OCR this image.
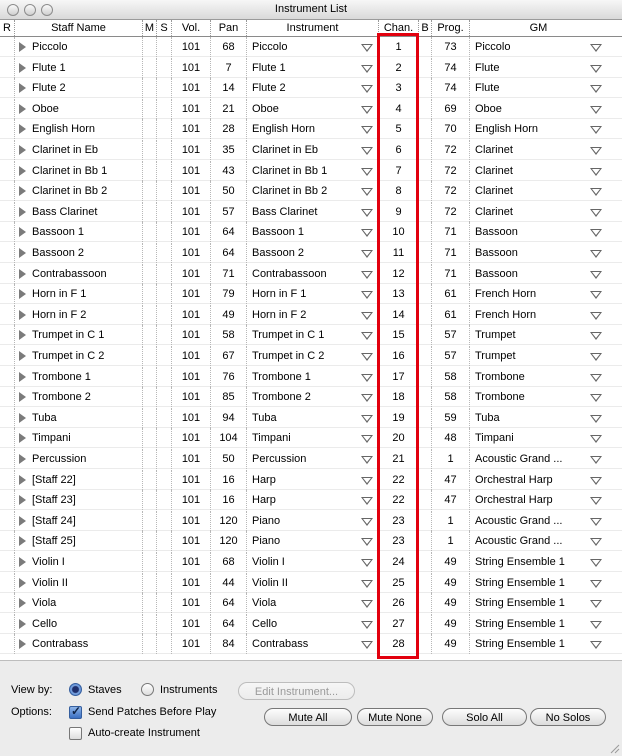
Instrument List
R	Staff Name	M S	Vol.	Pan	Instrument	Chan. B Prog.	GM
Piccolo	101	68	Piccolo	1	73	Piccolo
Flute 1	101	7	Flute 1	2	74	Flute
Flute 2	101	14	Flute 2	3	74	Flute
Oboe	101	21	Oboe	4	69	Oboe
English Horn	101	28	English Horn	5	70	English Horn
Clarinet in Eb	101	35	Clarinet in Eb	6	72	Clarinet
Clarinet in Bb 1	101	43	Clarinet in Bb 1	7	72	Clarinet
Clarinet in Bb 2	101	50	Clarinet in Bb 2	8	72	Clarinet
Bass Clarinet	101	57	Bass Clarinet	9	72	Clarinet
Bassoon 1	101	64	Bassoon 1	10	71	Bassoon
Bassoon 2	101	64	Bassoon 2	11	71	Bassoon
Contrabassoon	101	71	Contrabassoon	12	71	Bassoon
Horn in F 1	101	79	Horn in F 1	13	61	French Horn
Horn in F 2	101	49	Horn in F 2	14	61	French Horn
Trumpet in C 1	101	58	Trumpet in C 1	15	57	Trumpet
Trumpet in C 2	101	67	Trumpet in C 2	16	57	Trumpet
Trombone 1	101	76	Trombone 1	17	58	Trombone
Trombone 2	101	85	Trombone 2	18	58	Trombone
Tuba	101	94	Tuba	19	59	Tuba
Timpani	101	104	Timpani	20	48	Timpani
Percussion	101	50	Percussion	21	1	Acoustic Grand ...
[Staff 22]	101	16	Harp	22	47	Orchestral Harp
[Staff 23]	101	16	Harp	22	47	Orchestral Harp
[Staff 24]	101	120	Piano	23	1	Acoustic Grand ...
[Staff 25]	101	120	Piano	23	1	Acoustic Grand ...
Violin I	101	68	Violin I	24	49	String Ensemble 1
Violin II	101	44	Violin II	25	49	String Ensemble 1
Viola	101	64	Viola	26	49	String Ensemble 1
Cello	101	64	Cello	27	49	String Ensemble 1
Contrabass	101	84	Contrabass	28	49	String Ensemble 1
View by:	Staves	Instruments	Edit Instrument...
Options:
✓	Send Patches Before Play
Auto-create Instrument
Mute All	Mute None	Solo All	No Solos
